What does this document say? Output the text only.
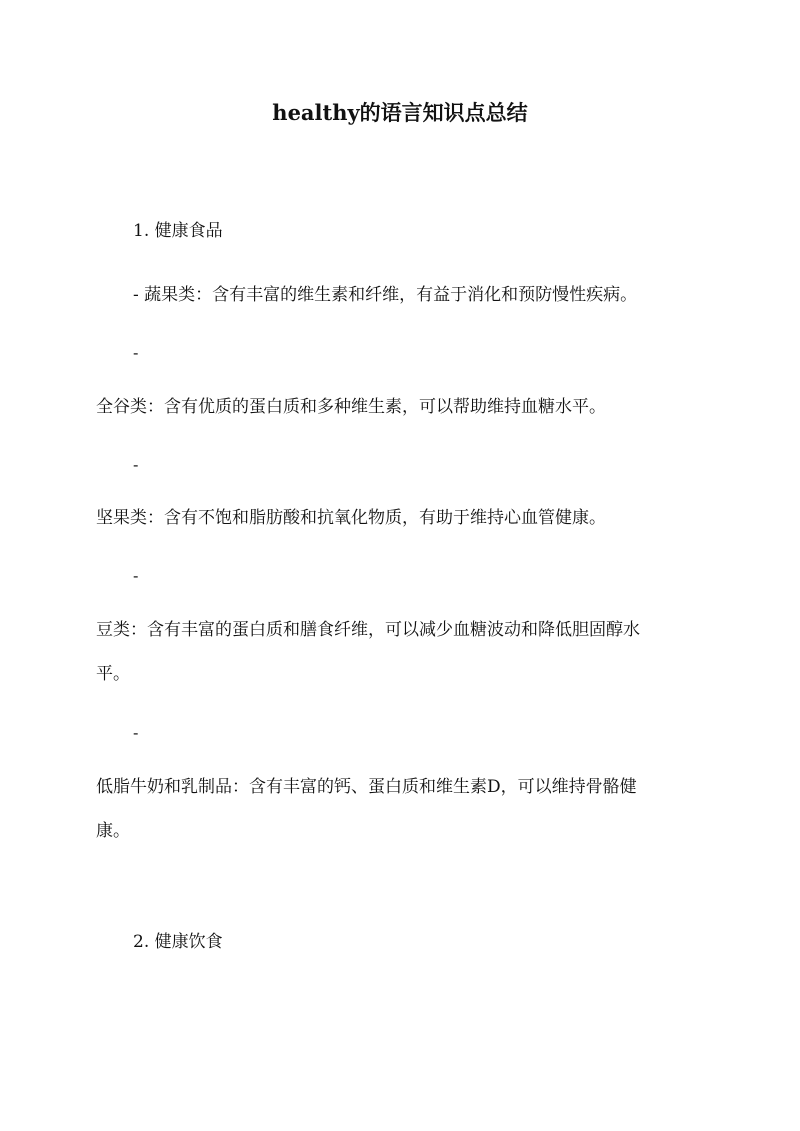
healthy的语言知识点总结
1. 健康食品
- 蔬果类：含有丰富的维生素和纤维，有益于消化和预防慢性疾病。
-
全谷类：含有优质的蛋白质和多种维生素，可以帮助维持血糖水平。
-
坚果类：含有不饱和脂肪酸和抗氧化物质，有助于维持心血管健康。
-
豆类：含有丰富的蛋白质和膳食纤维，可以减少血糖波动和降低胆固醇水
平。
-
低脂牛奶和乳制品：含有丰富的钙、蛋白质和维生素D，可以维持骨骼健
康。
2. 健康饮食
